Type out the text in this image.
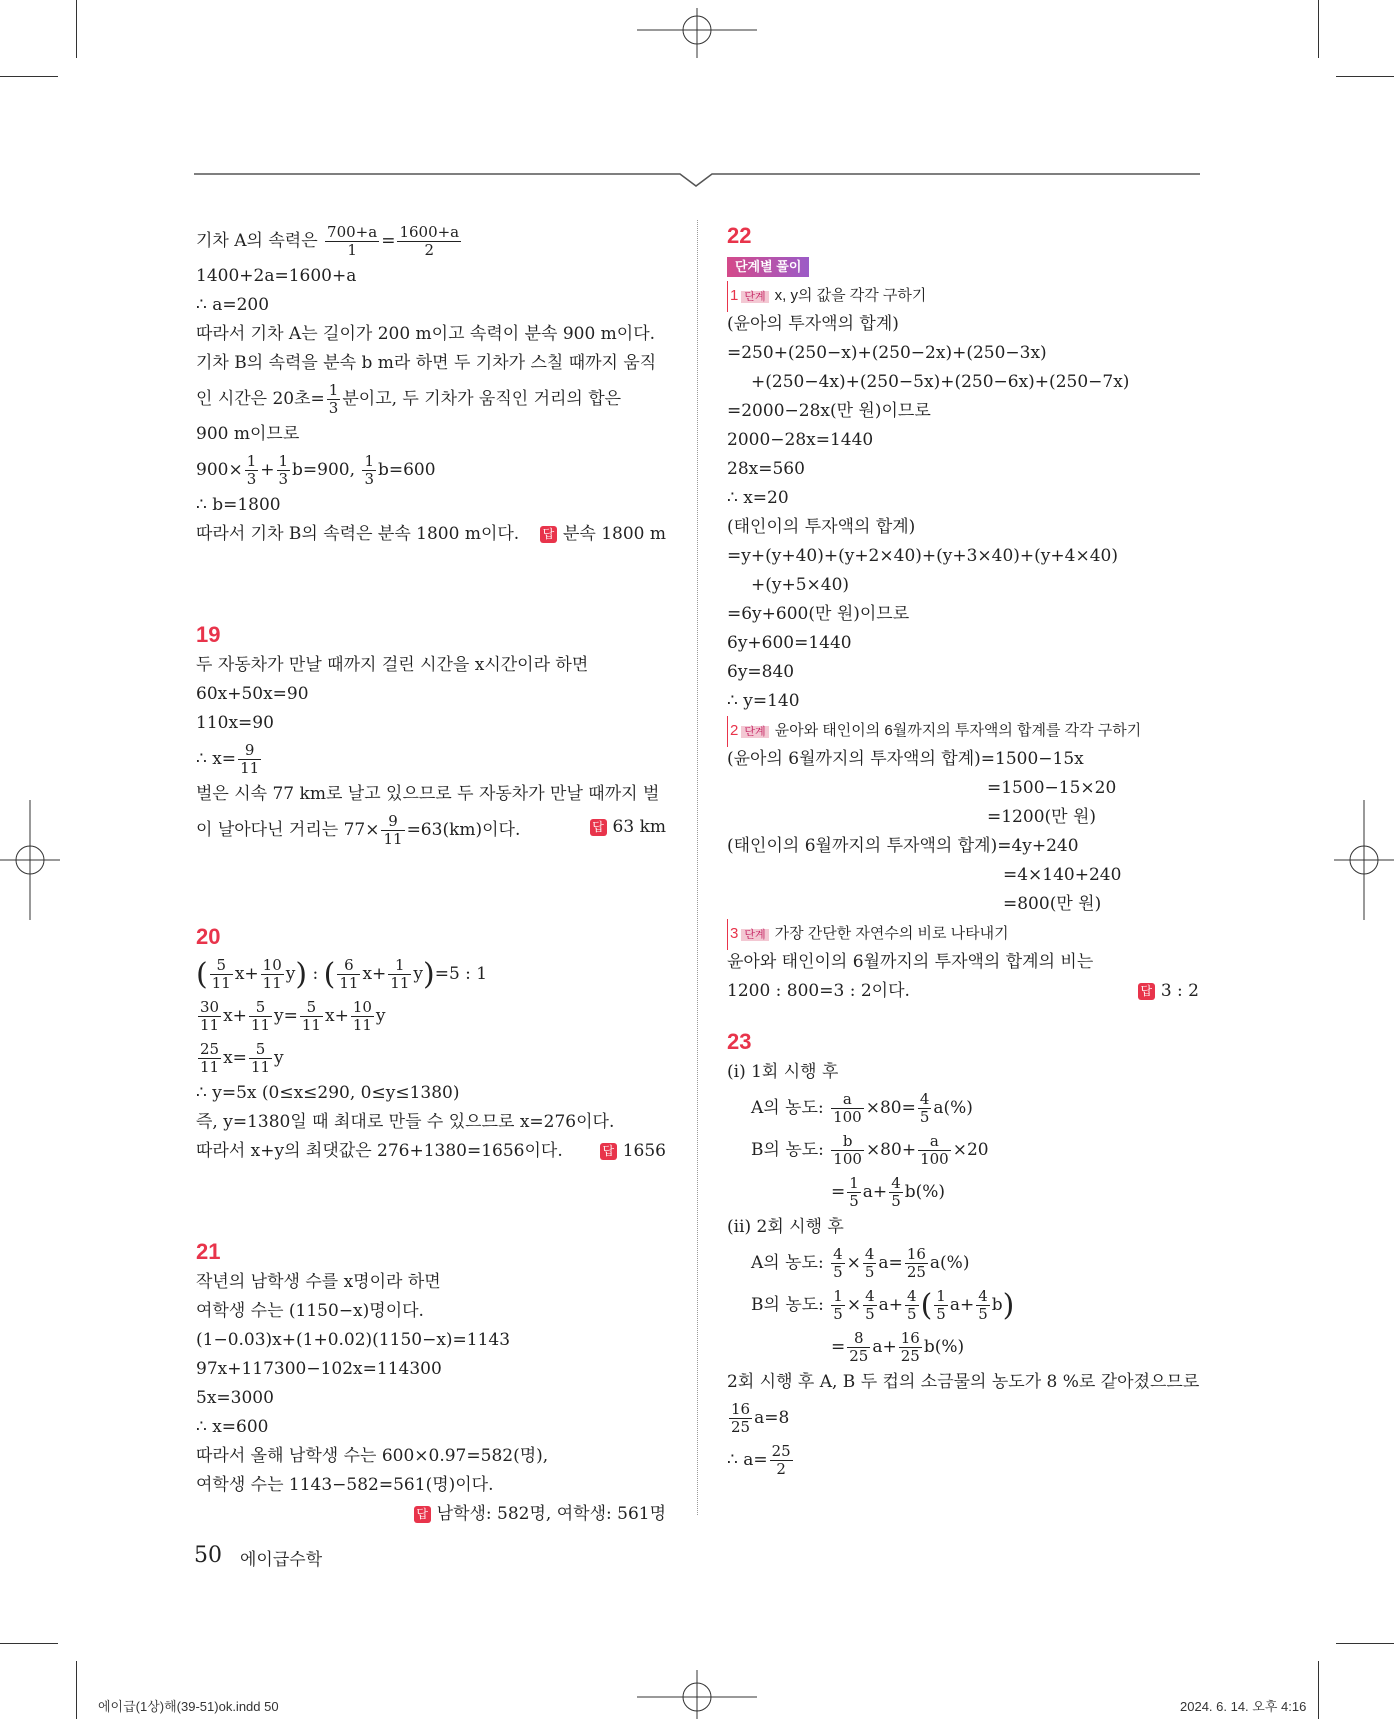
기차 A의 속력은 $\frac{700+a}{1} = \frac{1600+a}{2}$
1400+2a=1600+a
∴ a=200
따라서 기차 A는 길이가 200 m이고 속력이 분속 900 m이다.
기차 B의 속력을 분속 b m라 하면 두 기차가 스칠 때까지 움직
인 시간은 20초= $\frac{1}{3}$ 분이고, 두 기차가 움직인 거리의 합은
900 m이므로
$900\times \frac{1}{3} + \frac{1}{3} b=900$, $\frac{1}{3} b=600$
∴ b=1800
따라서 기차 B의 속력은 분속 1800 m이다. 답 분속 1800 m
19
두 자동차가 만날 때까지 걸린 시간을 x시간이라 하면
60x+50x=90
110x=90
∴ $x= \frac{9}{11}$
벌은 시속 77 km로 날고 있으므로 두 자동차가 만날 때까지 벌
이 날아다닌 거리는 $77\times \frac{9}{11} =63(km)$이다.	답 63 km
20
( $\frac{5}{11} x+ \frac{10}{11} y$) : ( $\frac{6}{11} x+ \frac{1}{11} y)=5$ : 1
$\frac{30}{11} x+ \frac{5}{11} y= \frac{5}{11} x+ \frac{10}{11}$ y
$\frac{25}{11} x= \frac{5}{11}$ y
∴ y=5x (0≤x≤290, 0≤y≤1380)
즉, y=1380일 때 최대로 만들 수 있으므로 x=276이다.
따라서 x+y의 최댓값은 276+1380=1656이다.	답 1656
21
작년의 남학생 수를 x명이라 하면
여학생 수는 (1150−x)명이다.
(1−0.03)x+(1+0.02)(1150−x)=1143
97x+117300−102x=114300
5x=3000
∴ x=600
따라서 올해 남학생 수는 600×0.97=582(명),
여학생 수는 1143−582=561(명)이다.
답 남학생: 582명, 여학생: 561명
22
단계별 풀이
1 단계 x, y의 값을 각각 구하기
(윤아의 투자액의 합계)
=250+(250−x)+(250−2x)+(250−3x)
+(250−4x)+(250−5x)+(250−6x)+(250−7x)
=2000−28x(만 원)이므로
2000−28x=1440
28x=560
∴ x=20
(태인이의 투자액의 합계)
=y+(y+40)+(y+2×40)+(y+3×40)+(y+4×40)
+(y+5×40)
=6y+600(만 원)이므로
6y+600=1440
6y=840
∴ y=140
2 단계 윤아와 태인이의 6월까지의 투자액의 합계를 각각 구하기
(윤아의 6월까지의 투자액의 합계)=1500−15x
=1500−15×20
=1200(만 원)
(태인이의 6월까지의 투자액의 합계)=4y+240
=4×140+240
=800(만 원)
3 단계 가장 간단한 자연수의 비로 나타내기
윤아와 태인이의 6월까지의 투자액의 합계의 비는
1200 : 800=3 : 2이다.	답 3 : 2
23
(ⅰ) 1회 시행 후
A의 농도: $\frac{a}{100} \times 80= \frac{4}{5} a(\%)$
B의 농도: $\frac{b}{100} \times 80+ \frac{a}{100} \times 20$
= $\frac{1}{5} a+ \frac{4}{5} b(\%)$
(ⅱ) 2회 시행 후
A의 농도: $\frac{4}{5} \times \frac{4}{5} a= \frac{16}{25} a(\%)$
B의 농도: $\frac{1}{5} \times \frac{4}{5} a+ \frac{4}{5}$ ( $\frac{1}{5} a+ \frac{4}{5} b$)
= $\frac{8}{25} a+ \frac{16}{25} b(\%)$
2회 시행 후 A, B 두 컵의 소금물의 농도가 8 %로 같아졌으므로
$\frac{16}{25} a=8$
∴ $a= \frac{25}{2}$
50 에이급수학
에이급(1상)해(39-51)ok.indd 50	2024. 6. 14. 오후 4:16
